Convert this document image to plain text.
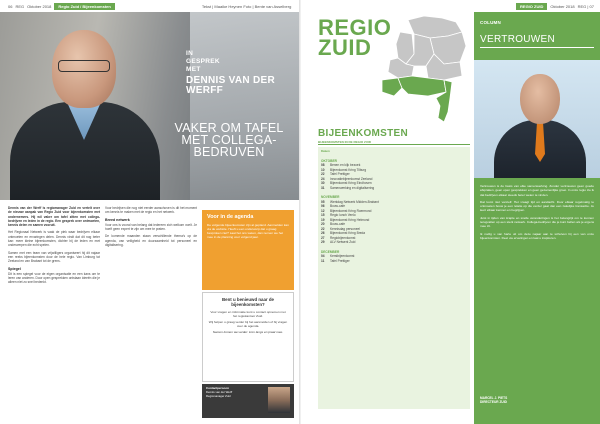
06 REG Oktober 2018	Regio Zuid / Bijeenkomsten	Tekst | Maaike Heynen Foto | Bente van Asselberg	REGIO ZUID	Oktober 2018 REG | 07
IN
GESPREK
MET
DENNIS VAN DER WERFF
VAKER OM TAFEL MET COLLEGA-BEDRUVEN

Dennis van der Werff is regiomanager Zuid en vertelt over de nieuwe aanpak van Regio Zuid voor bijeenkomsten met ondernemers. Hij wil vaker om tafel zitten met collega-bedrijven en leden in de regio. Een gesprek over ontmoeten, kennis delen en samen vooruit.

Het Regionaal Netwerk is vaak de plek waar bedrijven elkaar ontmoeten en ervaringen delen. Dennis vindt dat dit nog beter kan: meer kleine bijeenkomsten, dichter bij de leden en met onderwerpen die echt spelen.

Samen met een team van vrijwilligers organiseert hij dit najaar een reeks bijeenkomsten door de hele regio. Van Limburg tot Zeeland en van Brabant tot de grens.

Spiegel

Dit is een spiegel voor de eigen organisatie en een kans om te leren van anderen. Door open gesprekken ontstaan ideeën die je alleen niet zo snel bedenkt.

Voor bedrijven die nog niet eerder aanschoven is dit het moment om kennis te maken met de regio en het netwerk.

Breed netwerk

Voor ons is vooral van belang dat iedereen zich welkom voelt. Je hoeft geen expert te zijn om mee te praten.

De komende maanden staan verschillende thema's op de agenda, van veiligheid en duurzaamheid tot personeel en digitalisering.

Voor in de agenda

De volgende bijeenkomsten zijn al gepland. Aanmelden kan via de website. Heeft u een onderwerp dat u graag besproken ziet? Laat het ons weten, dan nemen we het mee in de planning voor volgend jaar.

Bent u benieuwd naar de bijeenkomsten?

Voor vragen en informatie kunt u contact opnemen met het regiokantoor Zuid.

Wij helpen u graag verder bij het aanmelden of bij vragen over de agenda.

Samen komen we verder: kom langs en praat mee.

Contactpersoon
Dennis van der Werff
Regiomanager Zuid
REGIO
ZUID
BIJEENKOMSTEN
BIJEENKOMSTEN IN DE REGIO ZUID
Datum
OKTOBER
08	Benen en kijk bezoek
10	Bijeenkomst Kring Tilburg
22	Tafel Prettiger
24	Innovatiebijeenkomst Zeeland
30	Bijeenkomst Kring Eindhoven
31	Samenwerking en digitalisering
NOVEMBER
05	Werkdag Netwerk Midden-Brabant
06	Bouw-cafe
12	Bijeenkomst Kring Roermond
15	Regio lunch Venlo
19	Bijeenkomst Kring Helmond
20	Bouw-cafe
22	Kennisdag personeel
26	Bijeenkomst Kring Breda
27	Regiobijeenkomst
29	ALV Netwerk Zuid
DECEMBER
04	Kerstbijeenkomst
11	Tafel Prettiger
COLUMN
VERTROUWEN

Vertrouwen is de basis van elke samenwerking. Zonder vertrouwen geen goede afspraken, geen open gesprekken en geen gezamenlijke groei. In onze regio zie ik dat bedrijven elkaar steeds beter weten te vinden.

Dat komt niet vanzelf. Het vraagt tijd en aandacht. Door elkaar regelmatig te ontmoeten bouw je een relatie op die verder gaat dan een zakelijke transactie. Je leert elkaar kennen en begrijpen.

Juist in tijden van krapte en snelle veranderingen is het belangrijk om te kunnen terugvallen op een sterk netwerk. Collega-bedrijven die je kunt bellen als je ergens mee zit.

Ik nodig u van harte uit om deze najaar aan te schuiven bij een van onze bijeenkomsten. Deel uw ervaringen en laat u inspireren.

MARCEL J. PIETS
DIRECTEUR ZUID
